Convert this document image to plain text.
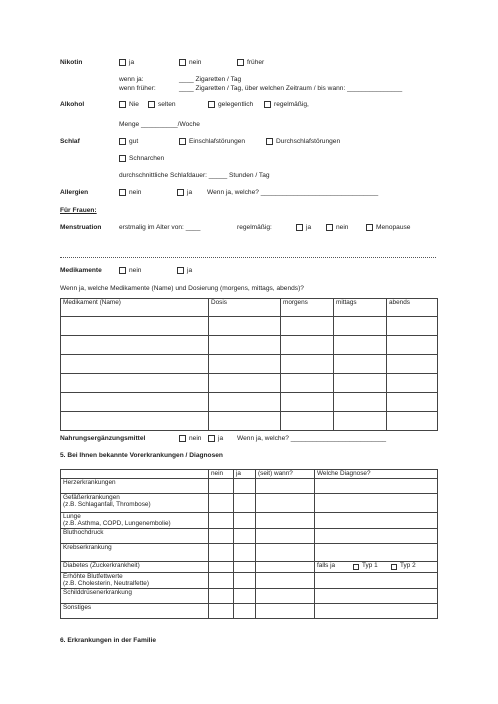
Nikotin	ja	nein	früher
wenn ja:	____ Zigaretten / Tag
wenn früher:	____ Zigaretten / Tag, über welchen Zeitraum / bis wann: _______________
Alkohol	Nie	selten	gelegentlich	regelmäßig,
Menge __________/Woche
Schlaf	gut	Einschlafstörungen	Durchschlafstörungen
Schnarchen
durchschnittliche Schlafdauer: _____ Stunden / Tag
Allergien	nein	ja Wenn ja, welche? ________________________________
Für Frauen:
Menstruation	erstmalig im Alter von: ____	regelmäßig:	ja	nein	Menopause
Medikamente	nein	ja
Wenn ja, welche Medikamente (Name) und Dosierung (morgens, mittags, abends)?
Medikament (Name)	Dosis	morgens	mittags	abends

Nahrungsergänzungsmittel	nein	ja Wenn ja, welche? __________________________
5. Bei Ihnen bekannte Vorerkrankungen / Diagnosen
	nein	ja	(seit) wann?	Welche Diagnose?
Herzerkrankungen				
Gefäßerkrankungen
(z.B. Schlaganfall, Thrombose)				
Lunge
(z.B. Asthma, COPD, Lungenembolie)				
Bluthochdruck				
Krebserkrankung				
Diabetes (Zuckerkrankheit)				falls ja Typ 1 Typ 2

Erhöhte Blutfettwerte
(z.B. Cholesterin, Neutralfette)				
Schilddrüsenerkrankung				
Sonstiges				
6. Erkrankungen in der Familie
